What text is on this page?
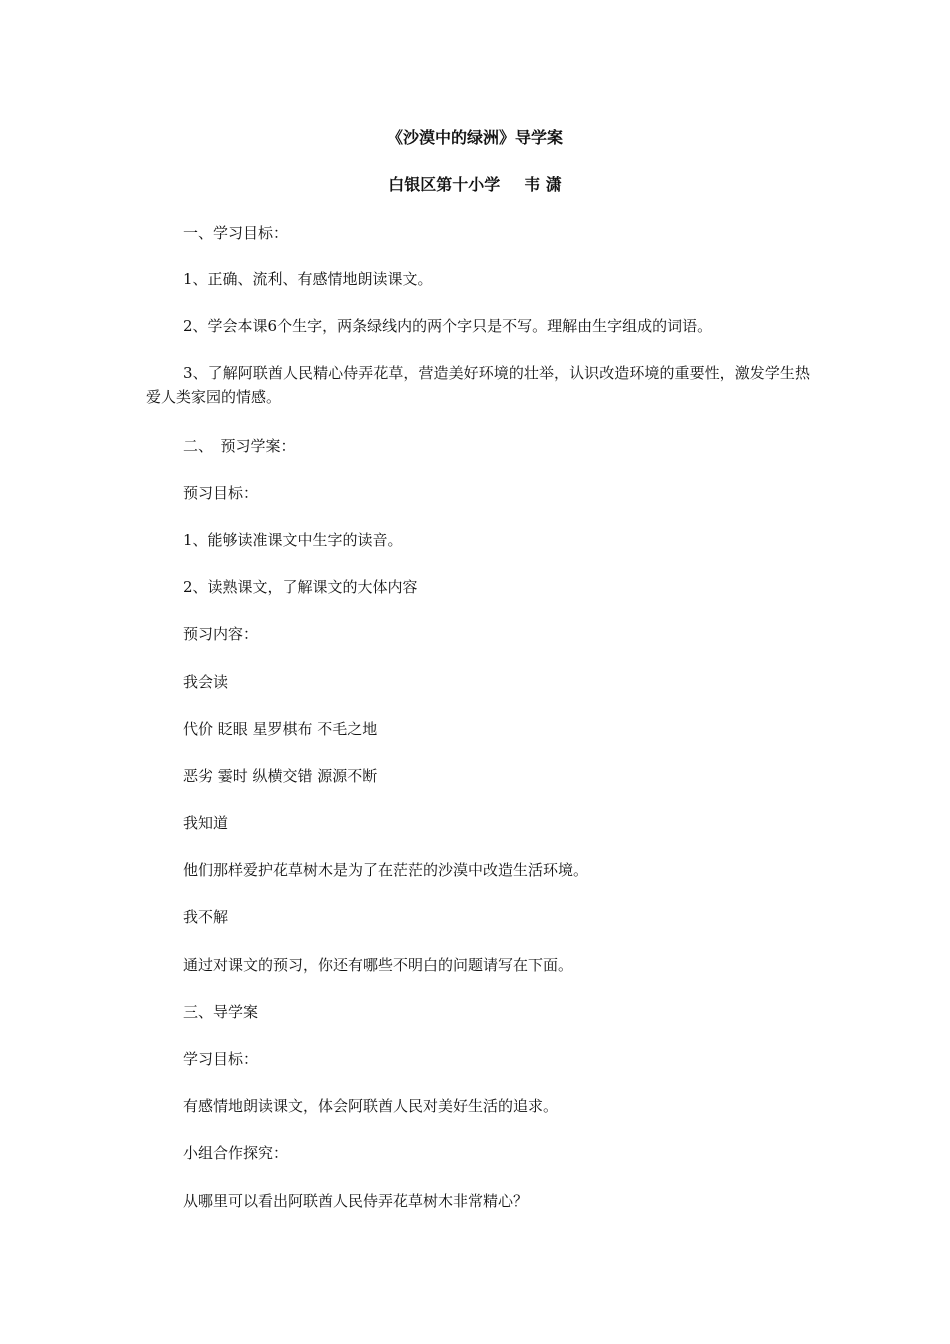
《沙漠中的绿洲》导学案
白银区第十小学 韦 潇
一、学习目标：
1、正确、流利、有感情地朗读课文。
2、学会本课6个生字，两条绿线内的两个字只是不写。理解由生字组成的词语。
3、了解阿联酋人民精心侍弄花草，营造美好环境的壮举，认识改造环境的重要性，激发学生热爱人类家园的情感。
二、　预习学案：
预习目标：
1、能够读准课文中生字的读音。
2、读熟课文，了解课文的大体内容
预习内容：
我会读
代价 眨眼 星罗棋布 不毛之地
恶劣 霎时 纵横交错 源源不断
我知道
他们那样爱护花草树木是为了在茫茫的沙漠中改造生活环境。
我不解
通过对课文的预习，你还有哪些不明白的问题请写在下面。
三、导学案
学习目标：
有感情地朗读课文，体会阿联酋人民对美好生活的追求。
小组合作探究：
从哪里可以看出阿联酋人民侍弄花草树木非常精心？
